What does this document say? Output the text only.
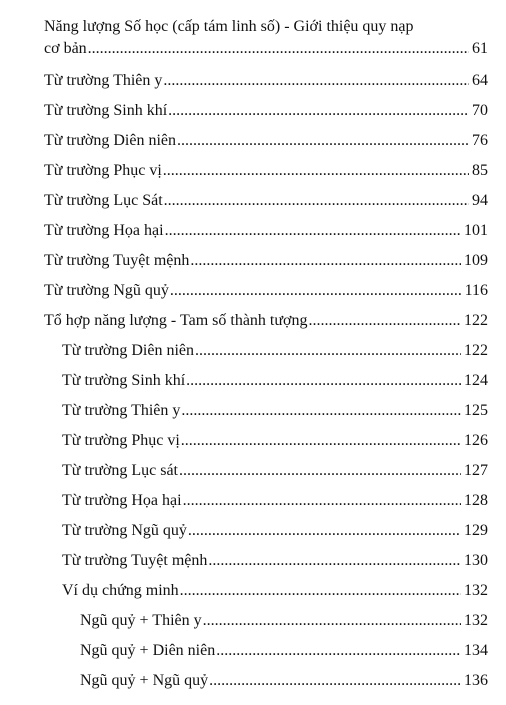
Năng lượng Số học (cấp tám linh số) - Giới thiệu quy nạp
cơ bản .....	61
Từ trường Thiên y .....	64
Từ trường Sinh khí .....	70
Từ trường Diên niên .....	76
Từ trường Phục vị .....	85
Từ trường Lục Sát .....	94
Từ trường Họa hại .....	101
Từ trường Tuyệt mệnh .....	109
Từ trường Ngũ quỷ .....	116
Tổ hợp năng lượng - Tam số thành tượng .....	122
Từ trường Diên niên .....	122
Từ trường Sinh khí .....	124
Từ trường Thiên y .....	125
Từ trường Phục vị .....	126
Từ trường Lục sát .....	127
Từ trường Họa hại .....	128
Từ trường Ngũ quỷ .....	129
Từ trường Tuyệt mệnh .....	130
Ví dụ chứng minh .....	132
Ngũ quỷ + Thiên y .....	132
Ngũ quỷ + Diên niên .....	134
Ngũ quỷ + Ngũ quỷ .....	136
